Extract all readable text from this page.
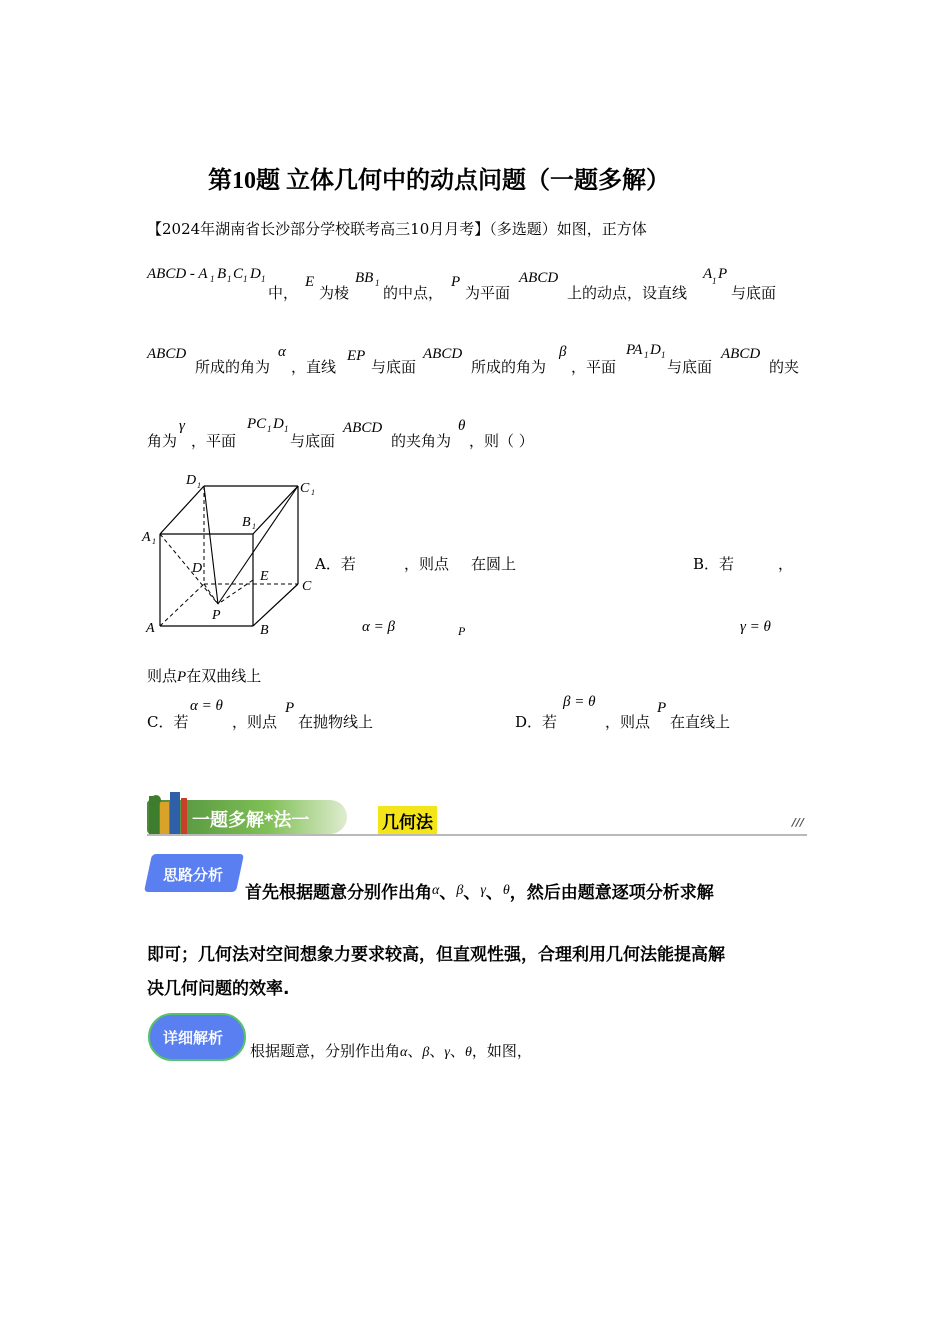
第10题 立体几何中的动点问题（一题多解）
【2024年湖南省长沙部分学校联考高三10月月考】（多选题）如图，正方体
ABCD - A 1 B 1 C 1 D 1
中，
E
为棱
BB 1
的中点，
P
为平面
ABCD
上的动点，设直线
A 1 P
与底面
ABCD
所成的角为
α
，直线
EP
与底面
ABCD
所成的角为
β
，平面
PA 1 D 1
与底面
ABCD
的夹
角为
γ
，平面
PC 1 D 1
与底面
ABCD
的夹角为
θ
，则（ ）
D 1	C 1
A 1
B 1
D
E
C
P
A	B
A．若	，则点 在圆上
α = β	P
B．若	，
γ = θ
则点P在双曲线上
C．若
α = θ
，则点
P
在抛物线上	D．若
β = θ
，则点
P
在直线上
一题多解*法一	几何法	///
思路分析
首先根据题意分别作出角$^\alpha$、$^\beta$、$^\gamma$、$^\theta$，然后由题意逐项分析求解
即可；几何法对空间想象力要求较高，但直观性强，合理利用几何法能提高解
决几何问题的效率.
详细解析
根据题意，分别作出角α、β、γ、θ，如图，
